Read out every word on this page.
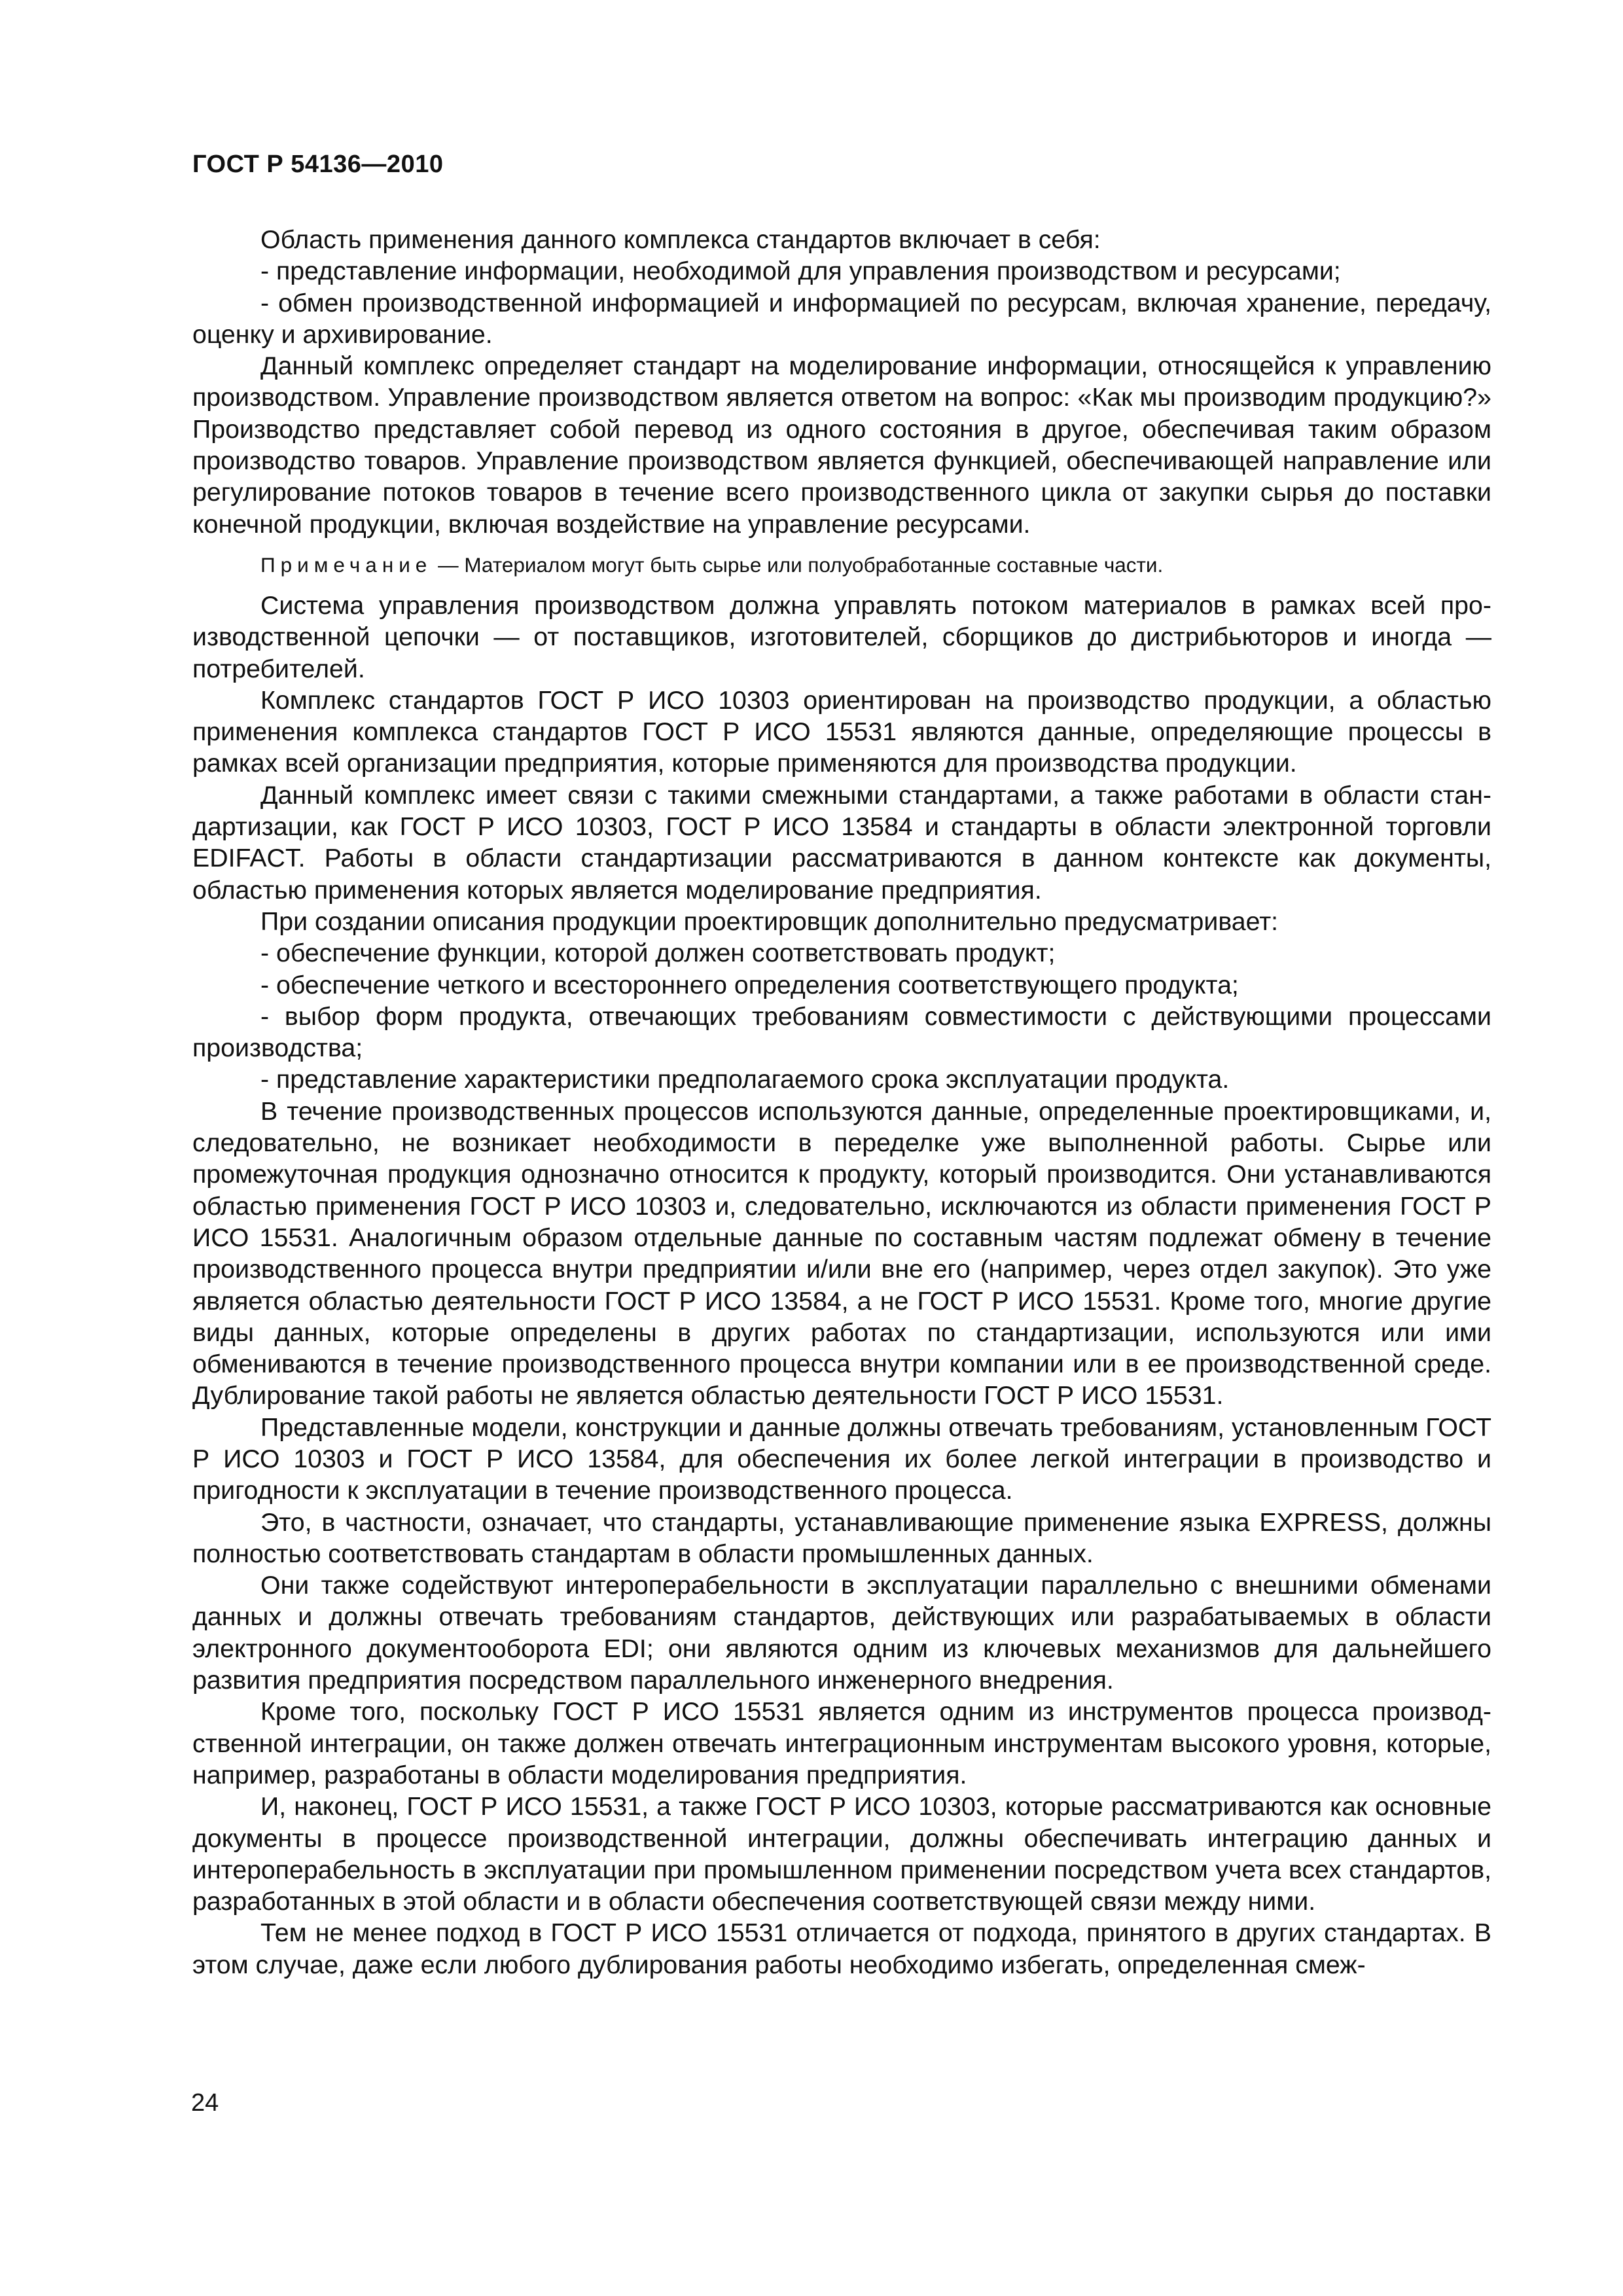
ГОСТ Р 54136—2010

Область применения данного комплекса стандартов включает в себя:

- представление информации, необходимой для управления производством и ресурсами;

- обмен производственной информацией и информацией по ресурсам, включая хранение, передачу, оценку и архивирование.

Данный комплекс определяет стандарт на моделирование информации, относящейся к управлению производством. Управление производством является ответом на вопрос: «Как мы производим продукцию?» Производство представляет собой перевод из одного состояния в другое, обеспечивая таким образом производство товаров. Управление производством является функцией, обеспечивающей направление или регулирование потоков товаров в течение всего производственного цикла от закупки сырья до поставки конечной продукции, включая воздействие на управление ресурсами.

Примечание — Материалом могут быть сырье или полуобработанные составные части.

Система управления производством должна управлять потоком материалов в рамках всей производственной цепочки — от поставщиков, изготовителей, сборщиков до дистрибьюторов и иногда — потребителей.

Комплекс стандартов ГОСТ Р ИСО 10303 ориентирован на производство продукции, а областью применения комплекса стандартов ГОСТ Р ИСО 15531 являются данные, определяющие процессы в рамках всей организации предприятия, которые применяются для производства продукции.

Данный комплекс имеет связи с такими смежными стандартами, а также работами в области стандартизации, как ГОСТ Р ИСО 10303, ГОСТ Р ИСО 13584 и стандарты в области электронной торговли EDIFACT. Работы в области стандартизации рассматриваются в данном контексте как документы, областью применения которых является моделирование предприятия.

При создании описания продукции проектировщик дополнительно предусматривает:

- обеспечение функции, которой должен соответствовать продукт;

- обеспечение четкого и всестороннего определения соответствующего продукта;

- выбор форм продукта, отвечающих требованиям совместимости с действующими процессами производства;

- представление характеристики предполагаемого срока эксплуатации продукта.

В течение производственных процессов используются данные, определенные проектировщиками, и, следовательно, не возникает необходимости в переделке уже выполненной работы. Сырье или промежуточная продукция однозначно относится к продукту, который производится. Они устанавливаются областью применения ГОСТ Р ИСО 10303 и, следовательно, исключаются из области применения ГОСТ Р ИСО 15531. Аналогичным образом отдельные данные по составным частям подлежат обмену в течение производственного процесса внутри предприятии и/или вне его (например, через отдел закупок). Это уже является областью деятельности ГОСТ Р ИСО 13584, а не ГОСТ Р ИСО 15531. Кроме того, многие другие виды данных, которые определены в других работах по стандартизации, используются или ими обмениваются в течение производственного процесса внутри компании или в ее производственной среде. Дублирование такой работы не является областью деятельности ГОСТ Р ИСО 15531.

Представленные модели, конструкции и данные должны отвечать требованиям, установленным ГОСТ Р ИСО 10303 и ГОСТ Р ИСО 13584, для обеспечения их более легкой интеграции в производство и пригодности к эксплуатации в течение производственного процесса.

Это, в частности, означает, что стандарты, устанавливающие применение языка EXPRESS, должны полностью соответствовать стандартам в области промышленных данных.

Они также содействуют интероперабельности в эксплуатации параллельно с внешними обменами данных и должны отвечать требованиям стандартов, действующих или разрабатываемых в области электронного документооборота EDI; они являются одним из ключевых механизмов для дальнейшего развития предприятия посредством параллельного инженерного внедрения.

Кроме того, поскольку ГОСТ Р ИСО 15531 является одним из инструментов процесса производственной интеграции, он также должен отвечать интеграционным инструментам высокого уровня, которые, например, разработаны в области моделирования предприятия.

И, наконец, ГОСТ Р ИСО 15531, а также ГОСТ Р ИСО 10303, которые рассматриваются как основные документы в процессе производственной интеграции, должны обеспечивать интеграцию данных и интероперабельность в эксплуатации при промышленном применении посредством учета всех стандартов, разработанных в этой области и в области обеспечения соответствующей связи между ними.

Тем не менее подход в ГОСТ Р ИСО 15531 отличается от подхода, принятого в других стандартах. В этом случае, даже если любого дублирования работы необходимо избегать, определенная смеж-

24
